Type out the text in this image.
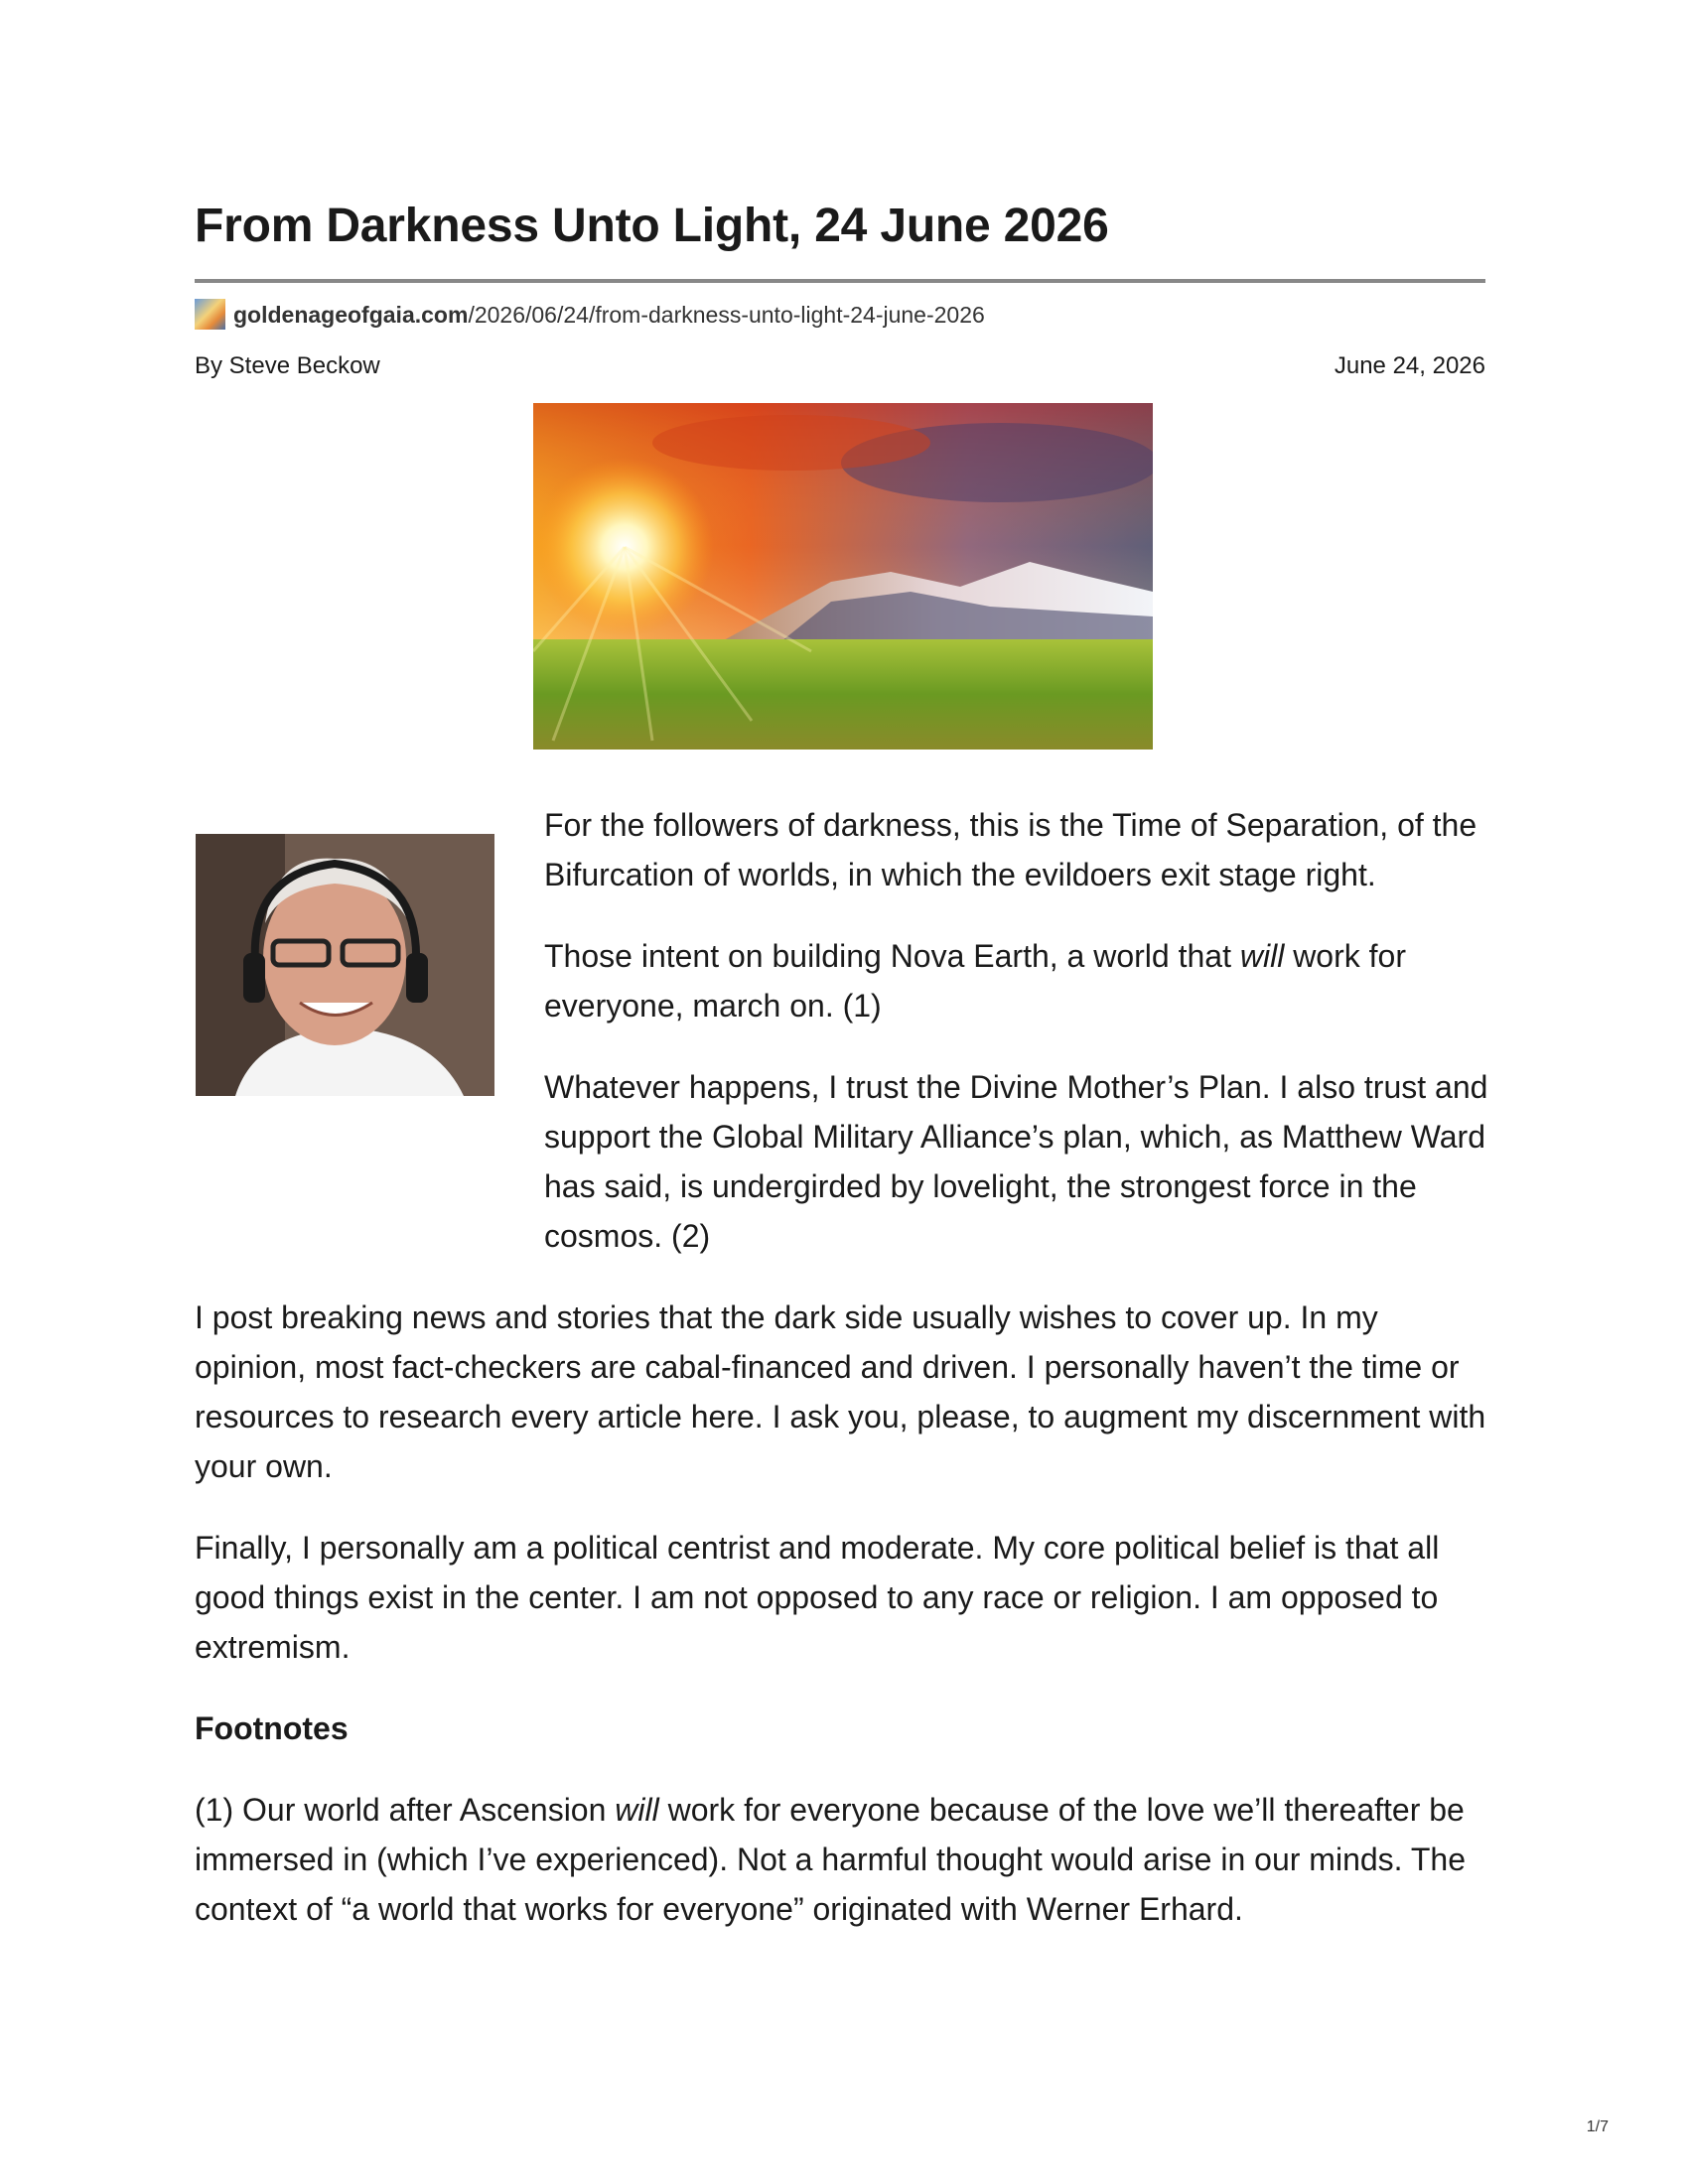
From Darkness Unto Light, 24 June 2026
goldenageofgaia.com /2026/06/24/from-darkness-unto-light-24-june-2026
By Steve Beckow	June 24, 2026

For the followers of darkness, this is the Time of Separation, of the Bifurcation of worlds, in which the evildoers exit stage right.

Those intent on building Nova Earth, a world that will work for everyone, march on. (1)

Whatever happens, I trust the Divine Mother’s Plan. I also trust and support the Global Military Alliance’s plan, which, as Matthew Ward has said, is undergirded by lovelight, the strongest force in the cosmos. (2)

I post breaking news and stories that the dark side usually wishes to cover up. In my opinion, most fact-checkers are cabal-financed and driven. I personally haven’t the time or resources to research every article here. I ask you, please, to augment my discernment with your own.

Finally, I personally am a political centrist and moderate. My core political belief is that all good things exist in the center. I am not opposed to any race or religion. I am opposed to extremism.

Footnotes

(1) Our world after Ascension will work for everyone because of the love we’ll thereafter be immersed in (which I’ve experienced). Not a harmful thought would arise in our minds. The context of “a world that works for everyone” originated with Werner Erhard.

1/7
